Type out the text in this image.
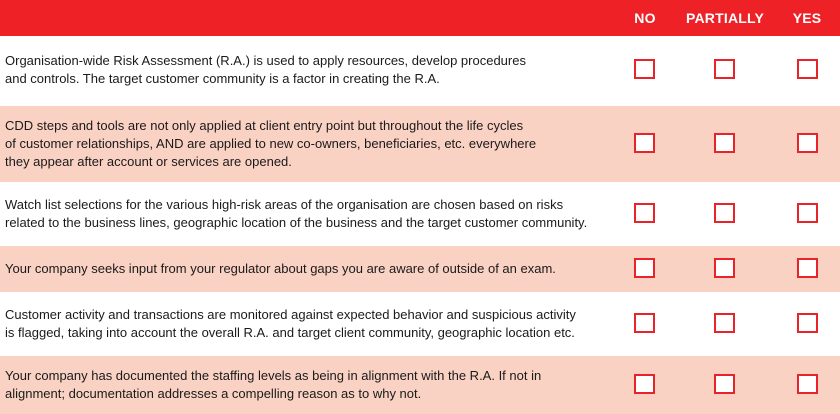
NO	PARTIALLY	YES
Organisation-wide Risk Assessment (R.A.) is used to apply resources, develop procedures
and controls. The target customer community is a factor in creating the R.A.
CDD steps and tools are not only applied at client entry point but throughout the life cycles
of customer relationships, AND are applied to new co-owners, beneficiaries, etc. everywhere
they appear after account or services are opened.
Watch list selections for the various high-risk areas of the organisation are chosen based on risks
related to the business lines, geographic location of the business and the target customer community.
Your company seeks input from your regulator about gaps you are aware of outside of an exam.
Customer activity and transactions are monitored against expected behavior and suspicious activity
is flagged, taking into account the overall R.A. and target client community, geographic location etc.
Your company has documented the staffing levels as being in alignment with the R.A. If not in
alignment; documentation addresses a compelling reason as to why not.
